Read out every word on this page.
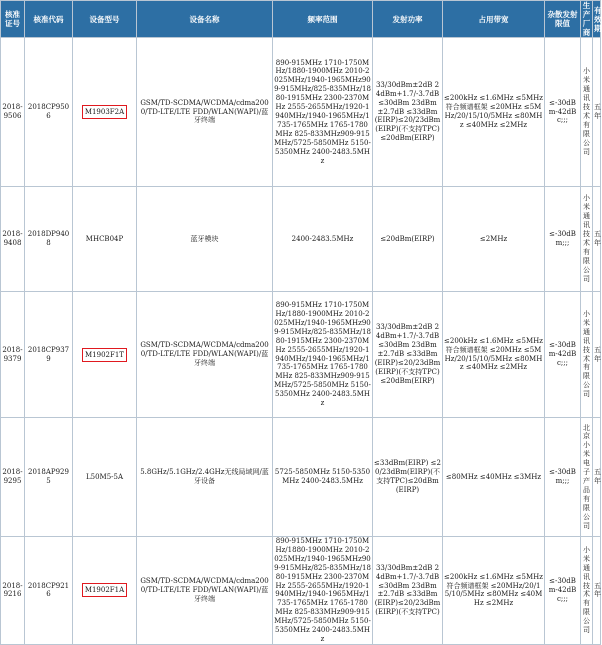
核准证号	核准代码	设备型号	设备名称	频率范围	发射功率	占用带宽	杂散发射限值	生产厂商	有效期
2018-9506	2018CP9506	M1903F2A	GSM/TD-SCDMA/WCDMA/cdma2000/TD-LTE/LTE FDD/WLAN(WAPI)/蓝牙终端	890-915MHz 1710-1750MHz/1880-1900MHz 2010-2025MHz/1940-1965MHz909-915MHz/825-835MHz/1880-1915MHz 2300-2370MHz 2555-2655MHz/1920-1940MHz/1940-1965MHz/1735-1765MHz 1765-1780MHz 825-833MHz909-915MHz/5725-5850MHz 5150-5350MHz 2400-2483.5MHz	33/30dBm±2dB 24dBm+1.7/-3.7dB ≤30dBm 23dBm±2.7dB ≤33dBm(EIRP)≤20/23dBm(EIRP)(不支持TPC)≤20dBm(EIRP)	≤200kHz ≤1.6MHz ≤5MHz符合频谱框架 ≤20MHz ≤5MHz/20/15/10/5MHz ≤80MHz ≤40MHz ≤2MHz	≤-30dBm-42dBc;;;	小米通讯技术有限公司	五年
2018-9408	2018DP9408	MHCB04P	蓝牙模块	2400-2483.5MHz	≤20dBm(EIRP)	≤2MHz	≤-30dBm;;;	小米通讯技术有限公司	五年
2018-9379	2018CP9379	M1902F1T	GSM/TD-SCDMA/WCDMA/cdma2000/TD-LTE/LTE FDD/WLAN(WAPI)/蓝牙终端	890-915MHz 1710-1750MHz/1880-1900MHz 2010-2025MHz/1940-1965MHz909-915MHz/825-835MHz/1880-1915MHz 2300-2370MHz 2555-2655MHz/1920-1940MHz/1940-1965MHz/1735-1765MHz 1765-1780MHz 825-833MHz909-915MHz/5725-5850MHz 5150-5350MHz 2400-2483.5MHz	33/30dBm±2dB 24dBm+1.7/-3.7dB≤30dBm 23dBm±2.7dB ≤33dBm(EIRP)≤20/23dBm(EIRP)(不支持TPC)≤20dBm(EIRP)	≤200kHz ≤1.6MHz ≤5MHz符合频谱框架 ≤20MHz ≤5MHz/20/15/10/5MHz ≤80MHz ≤40MHz ≤2MHz	≤-30dBm-42dBc;;;	小米通讯技术有限公司	五年
2018-9295	2018AP9295	L50M5-5A	5.8GHz/5.1GHz/2.4GHz无线局域网/蓝牙设备	5725-5850MHz 5150-5350MHz 2400-2483.5MHz	≤33dBm(EIRP) ≤20/23dBm(EIRP)(不支持TPC)≤20dBm(EIRP)	≤80MHz ≤40MHz ≤3MHz	≤-30dBm;;;	北京小米电子产品有限公司	五年
2018-9216	2018CP9216	M1902F1A	GSM/TD-SCDMA/WCDMA/cdma2000/TD-LTE/LTE FDD/WLAN(WAPI)/蓝牙终端	890-915MHz 1710-1750MHz/1880-1900MHz 2010-2025MHz/1940-1965MHz909-915MHz/825-835MHz/1880-1915MHz 2300-2370MHz 2555-2655MHz/1920-1940MHz/1940-1965MHz/1735-1765MHz 1765-1780MHz 825-833MHz909-915MHz/5725-5850MHz 5150-5350MHz 2400-2483.5MHz	33/30dBm±2dB 24dBm+1.7/-3.7dB ≤30dBm 23dBm±2.7dB ≤33dBm(EIRP)≤20/23dBm(EIRP)(不支持TPC)	≤200kHz ≤1.6MHz ≤5MHz符合频谱框架 ≤20MHz/20/15/10/5MHz ≤80MHz ≤40MHz ≤2MHz	≤-30dBm-42dBc;;;	小米通讯技术有限公司	五年
